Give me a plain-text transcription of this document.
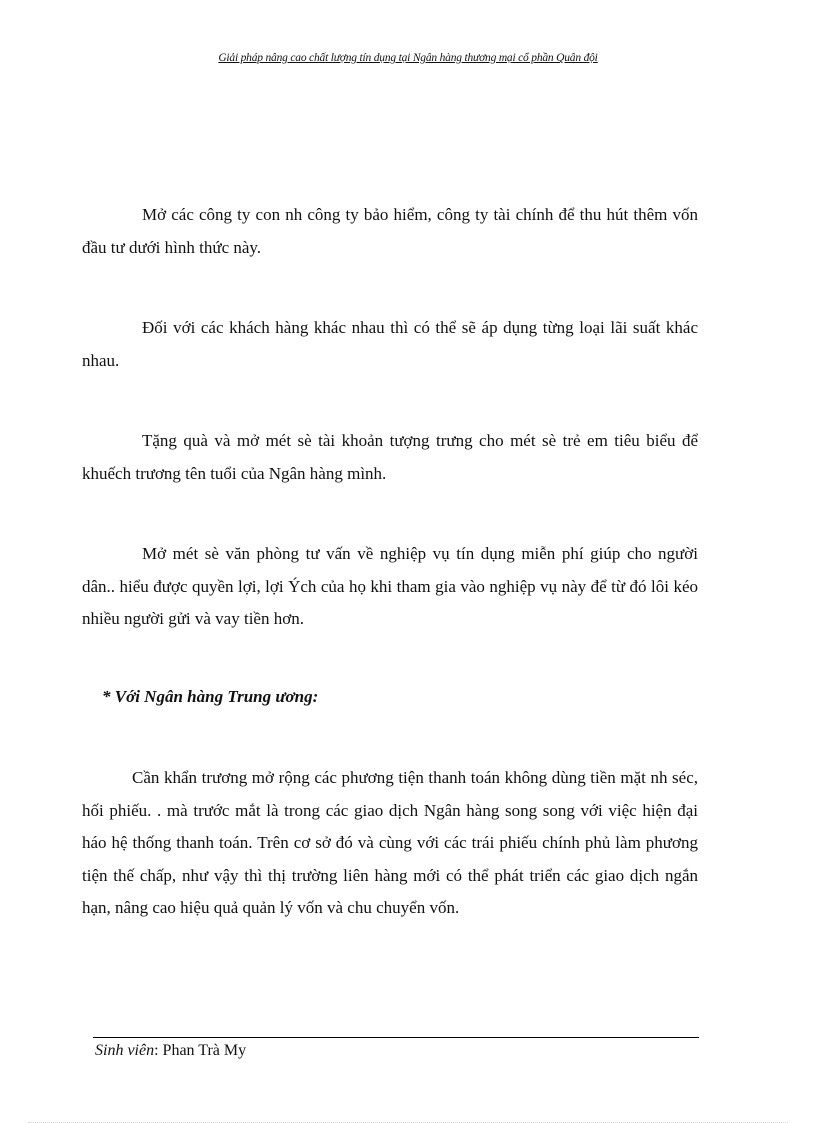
Giải pháp nâng cao chất lượng tín dụng tại Ngân hàng thương mại cổ phần Quân đội

Mở các công ty con nh công ty bảo hiểm, công ty tài chính để thu hút thêm vốn đầu tư dưới hình thức này.

Đối với các khách hàng khác nhau thì có thể sẽ áp dụng từng loại lãi suất khác nhau.

Tặng quà và mở mét sè tài khoản tượng trưng cho mét sè trẻ em tiêu biểu để khuếch trương tên tuổi của Ngân hàng mình.

Mở mét sè văn phòng tư vấn về nghiệp vụ tín dụng miễn phí giúp cho người dân.. hiểu được quyền lợi, lợi Ých của họ khi tham gia vào nghiệp vụ này để từ đó lôi kéo nhiều người gửi và vay tiền hơn.

* Với Ngân hàng Trung ương:

Cần khẩn trương mở rộng các phương tiện thanh toán không dùng tiền mặt nh séc, hối phiếu. . mà trước mắt là trong các giao dịch Ngân hàng song song với việc hiện đại háo hệ thống thanh toán. Trên cơ sở đó và cùng với các trái phiếu chính phủ làm phương tiện thế chấp, như vậy thì thị trường liên hàng mới có thể phát triển các giao dịch ngắn hạn, nâng cao hiệu quả quản lý vốn và chu chuyển vốn.

Sinh viên: Phan Trà My
